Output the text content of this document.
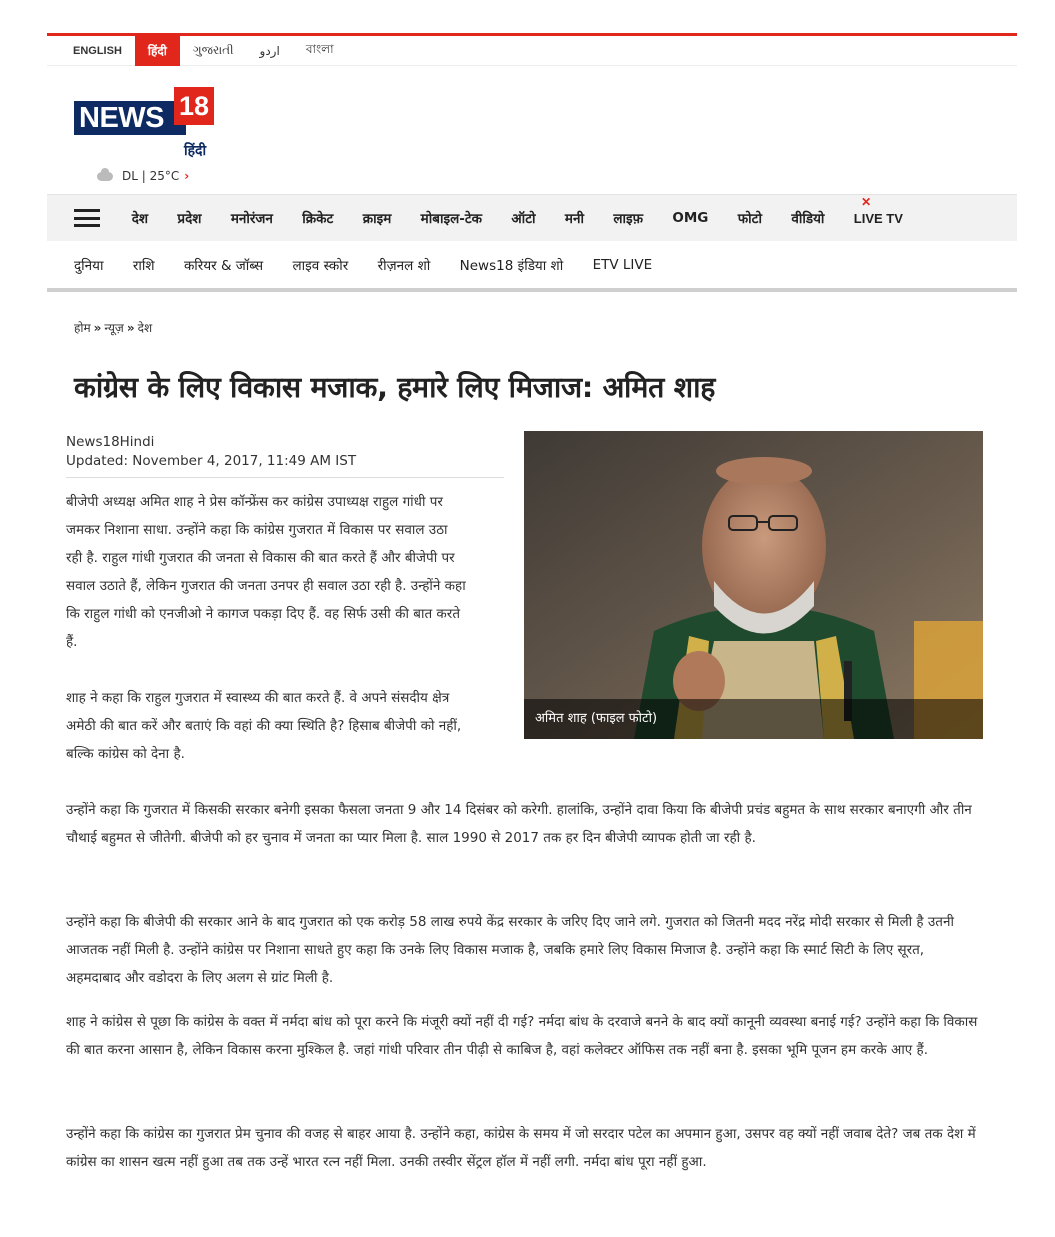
ENGLISH	हिंदी	ગુજરાતી	اردو	বাংলা
NEWS 18
हिंदी
DL | 25°C ›
देश	प्रदेश	मनोरंजन	क्रिकेट	क्राइम	मोबाइल-टेक	ऑटो	मनी	लाइफ़	OMG	फोटो	वीडियो
✕
LIVE TV
दुनिया	राशि	करियर & जॉब्स	लाइव स्कोर	रीज़नल शो	News18 इंडिया शो	ETV LIVE
होम » न्यूज़ » देश
कांग्रेस के लिए विकास मजाक, हमारे लिए मिजाज: अमित शाह
News18Hindi
Updated: November 4, 2017, 11:49 AM IST
अमित शाह (फाइल फोटो)

बीजेपी अध्यक्ष अमित शाह ने प्रेस कॉन्फ्रेंस कर कांग्रेस उपाध्यक्ष राहुल गांधी पर जमकर निशाना साधा. उन्होंने कहा कि कांग्रेस गुजरात में विकास पर सवाल उठा रही है. राहुल गांधी गुजरात की जनता से विकास की बात करते हैं और बीजेपी पर सवाल उठाते हैं, लेकिन गुजरात की जनता उनपर ही सवाल उठा रही है. उन्होंने कहा कि राहुल गांधी को एनजीओ ने कागज पकड़ा दिए हैं. वह सिर्फ उसी की बात करते हैं.

शाह ने कहा कि राहुल गुजरात में स्वास्थ्य की बात करते हैं. वे अपने संसदीय क्षेत्र अमेठी की बात करें और बताएं कि वहां की क्या स्थिति है? हिसाब बीजेपी को नहीं, बल्कि कांग्रेस को देना है.

उन्होंने कहा कि गुजरात में किसकी सरकार बनेगी इसका फैसला जनता 9 और 14 दिसंबर को करेगी. हालांकि, उन्होंने दावा किया कि बीजेपी प्रचंड बहुमत के साथ सरकार बनाएगी और तीन चौथाई बहुमत से जीतेगी. बीजेपी को हर चुनाव में जनता का प्यार मिला है. साल 1990 से 2017 तक हर दिन बीजेपी व्यापक होती जा रही है.

उन्होंने कहा कि बीजेपी की सरकार आने के बाद गुजरात को एक करोड़ 58 लाख रुपये केंद्र सरकार के जरिए दिए जाने लगे. गुजरात को जितनी मदद नरेंद्र मोदी सरकार से मिली है उतनी आजतक नहीं मिली है. उन्होंने कांग्रेस पर निशाना साधते हुए कहा कि उनके लिए विकास मजाक है, जबकि हमारे लिए विकास मिजाज है. उन्होंने कहा कि स्मार्ट सिटी के लिए सूरत, अहमदाबाद और वडोदरा के लिए अलग से ग्रांट मिली है.

शाह ने कांग्रेस से पूछा कि कांग्रेस के वक्त में नर्मदा बांध को पूरा करने कि मंजूरी क्यों नहीं दी गई? नर्मदा बांध के दरवाजे बनने के बाद क्यों कानूनी व्यवस्था बनाई गई? उन्होंने कहा कि विकास की बात करना आसान है, लेकिन विकास करना मुश्किल है. जहां गांधी परिवार तीन पीढ़ी से काबिज है, वहां कलेक्टर ऑफिस तक नहीं बना है. इसका भूमि पूजन हम करके आए हैं.

उन्होंने कहा कि कांग्रेस का गुजरात प्रेम चुनाव की वजह से बाहर आया है. उन्होंने कहा, कांग्रेस के समय में जो सरदार पटेल का अपमान हुआ, उसपर वह क्यों नहीं जवाब देते? जब तक देश में कांग्रेस का शासन खत्म नहीं हुआ तब तक उन्हें भारत रत्न नहीं मिला. उनकी तस्वीर सेंट्रल हॉल में नहीं लगी. नर्मदा बांध पूरा नहीं हुआ.
